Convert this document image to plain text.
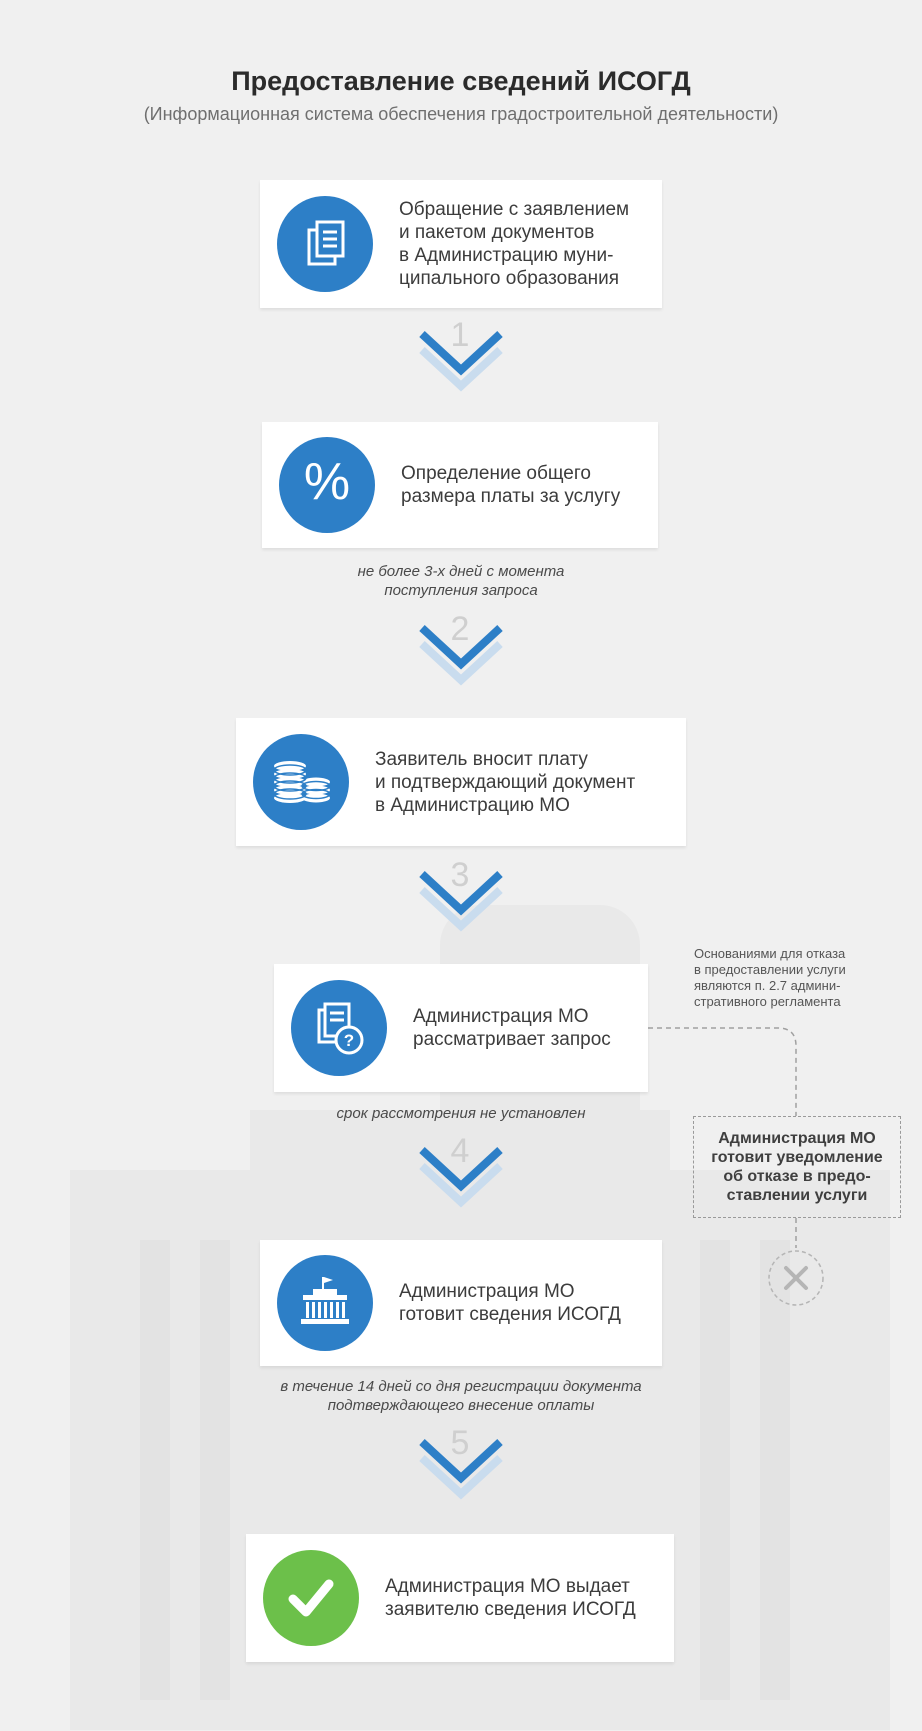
Предоставление сведений ИСОГД
(Информационная система обеспечения градостроительной деятельности)
Обращение с заявлением
и пакетом документов
в Администрацию муни-
ципального образования
1
%	Определение общего
размера платы за услугу
не более 3-х дней с момента
поступления запроса
2
Заявитель вносит плату
и подтверждающий документ
в Администрацию МО
3
?
Администрация МО
рассматривает запрос
срок рассмотрения не установлен
4
Администрация МО
готовит сведения ИСОГД
в течение 14 дней со дня регистрации документа
подтверждающего внесение оплаты
5
Администрация МО выдает
заявителю сведения ИСОГД
Основаниями для отказа
в предоставлении услуги
являются п. 2.7 админи-
стративного регламента
Администрация МО
готовит уведомление
об отказе в предо-
ставлении услуги
